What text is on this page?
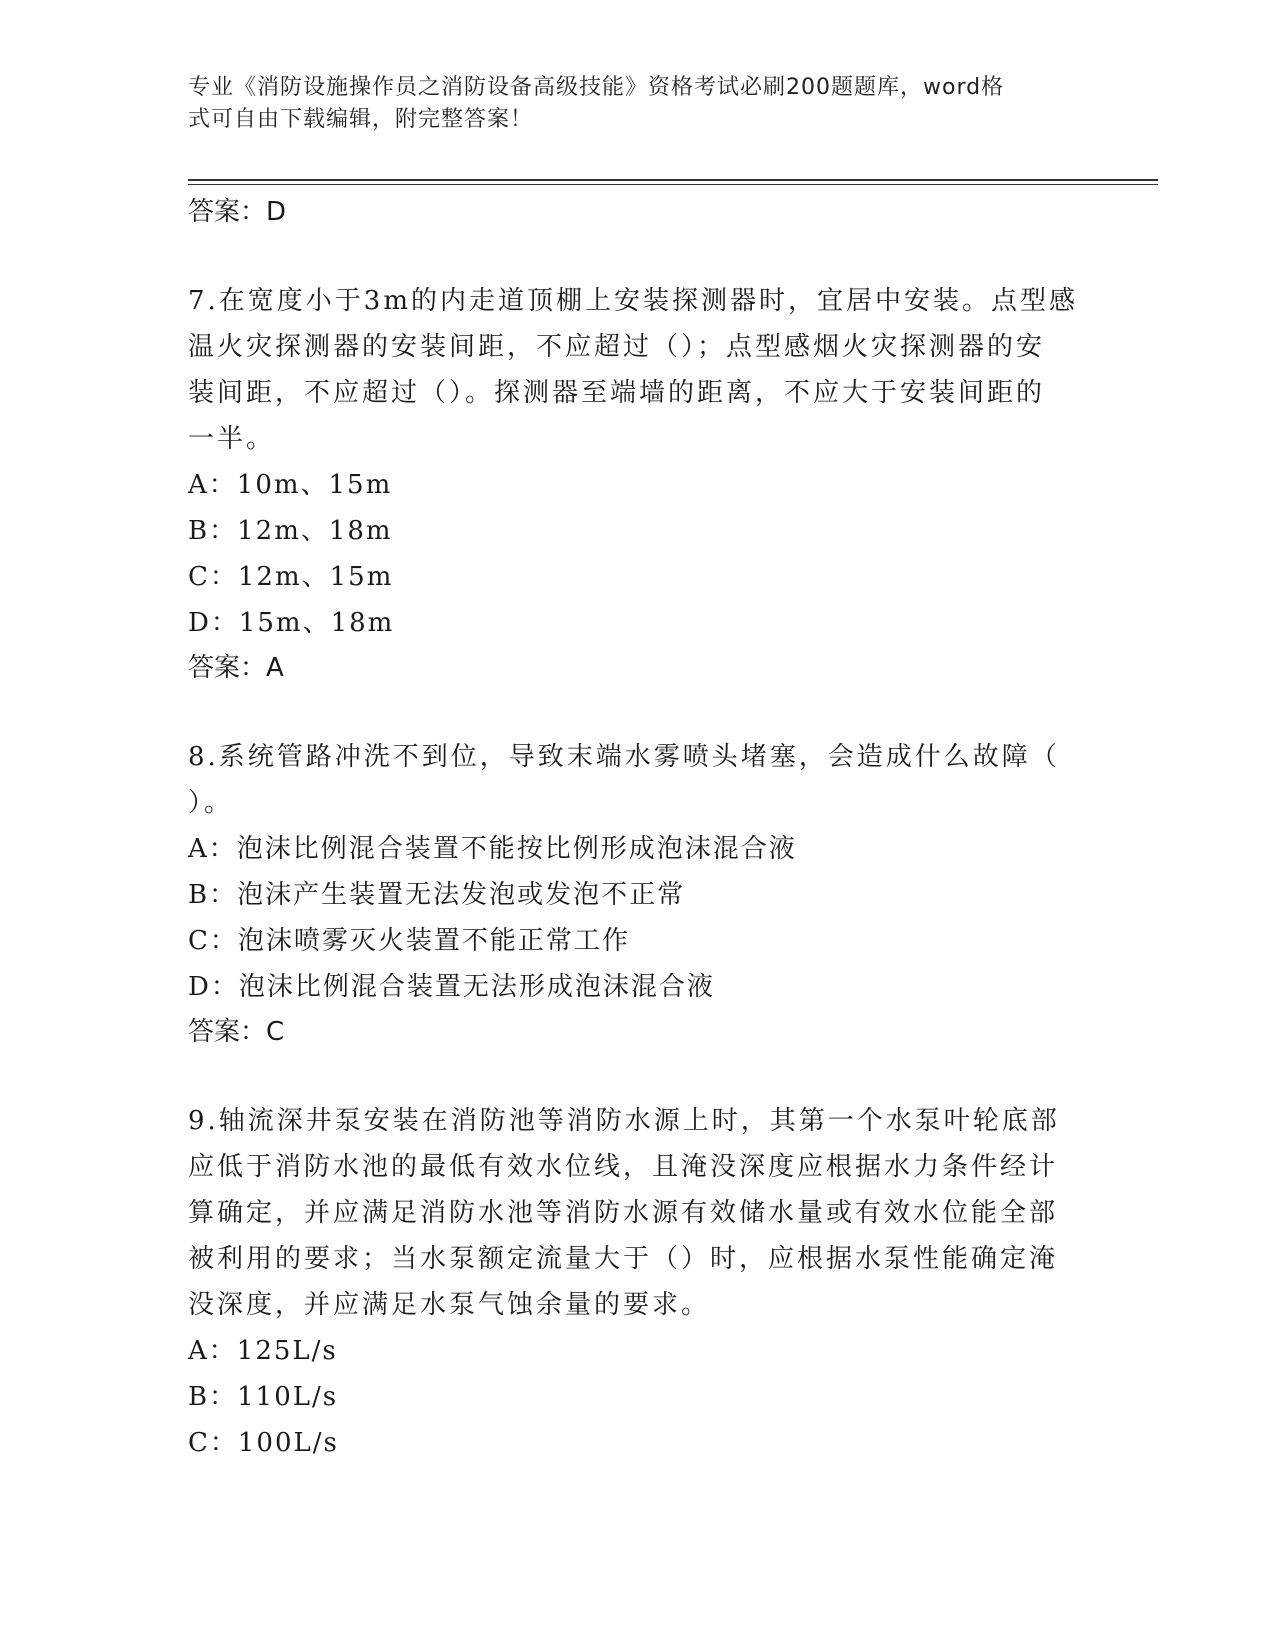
专业《消防设施操作员之消防设备高级技能》资格考试必刷200题题库，word格
式可自由下载编辑，附完整答案！
答案：D
7.在宽度小于3m的内走道顶棚上安装探测器时，宜居中安装。点型感
温火灾探测器的安装间距，不应超过（）；点型感烟火灾探测器的安
装间距，不应超过（）。探测器至端墙的距离，不应大于安装间距的
一半。
A：10m、15m
B：12m、18m
C：12m、15m
D：15m、18m
答案：A
8.系统管路冲洗不到位，导致末端水雾喷头堵塞，会造成什么故障（
）。
A：泡沫比例混合装置不能按比例形成泡沫混合液
B：泡沫产生装置无法发泡或发泡不正常
C：泡沫喷雾灭火装置不能正常工作
D：泡沫比例混合装置无法形成泡沫混合液
答案：C
9.轴流深井泵安装在消防池等消防水源上时，其第一个水泵叶轮底部
应低于消防水池的最低有效水位线，且淹没深度应根据水力条件经计
算确定，并应满足消防水池等消防水源有效储水量或有效水位能全部
被利用的要求；当水泵额定流量大于（）时，应根据水泵性能确定淹
没深度，并应满足水泵气蚀余量的要求。
A：125L/s
B：110L/s
C：100L/s
